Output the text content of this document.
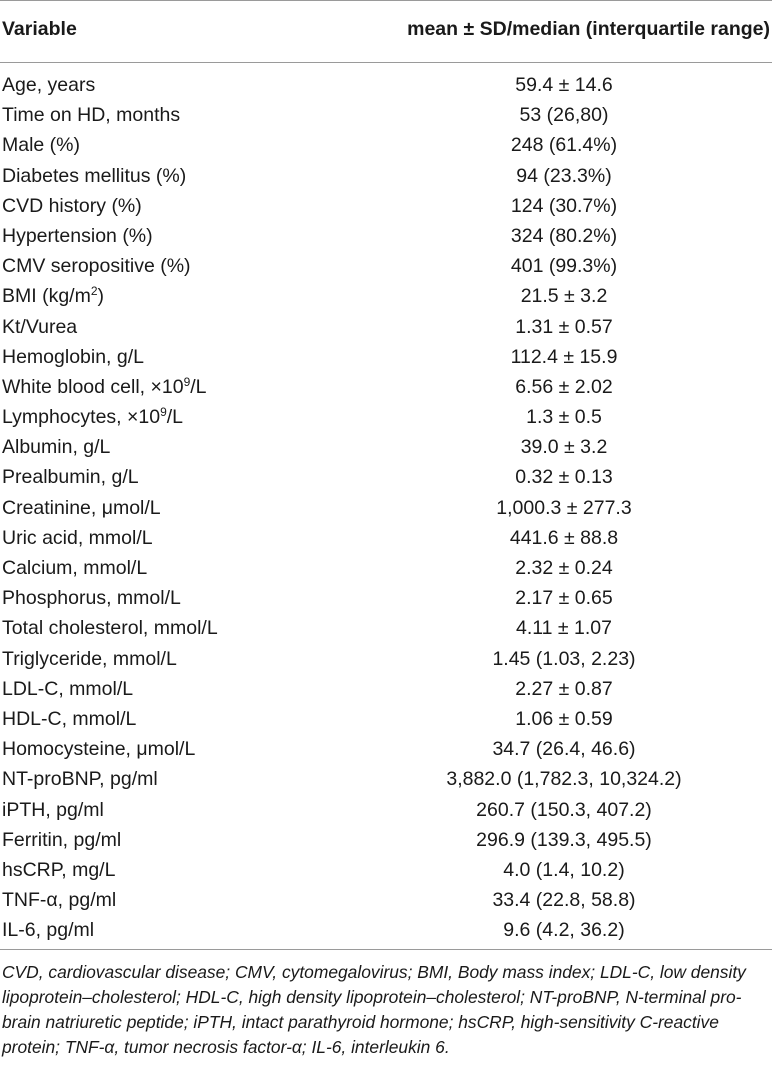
Variable	mean ± SD/median (interquartile range)
Age, years	59.4 ± 14.6
Time on HD, months	53 (26,80)
Male (%)	248 (61.4%)
Diabetes mellitus (%)	94 (23.3%)
CVD history (%)	124 (30.7%)
Hypertension (%)	324 (80.2%)
CMV seropositive (%)	401 (99.3%)
BMI $(kg/m^2)$	21.5 ± 3.2
Kt/Vurea	1.31 ± 0.57
Hemoglobin, g/L	112.4 ± 15.9
White blood cell, $\times 10^9/L$	6.56 ± 2.02
Lymphocytes, $\times 10^9/L$	1.3 ± 0.5
Albumin, g/L	39.0 ± 3.2
Prealbumin, g/L	0.32 ± 0.13
Creatinine, μmol/L	1,000.3 ± 277.3
Uric acid, mmol/L	441.6 ± 88.8
Calcium, mmol/L	2.32 ± 0.24
Phosphorus, mmol/L	2.17 ± 0.65
Total cholesterol, mmol/L	4.11 ± 1.07
Triglyceride, mmol/L	1.45 (1.03, 2.23)
LDL-C, mmol/L	2.27 ± 0.87
HDL-C, mmol/L	1.06 ± 0.59
Homocysteine, μmol/L	34.7 (26.4, 46.6)
NT-proBNP, pg/ml	3,882.0 (1,782.3, 10,324.2)
iPTH, pg/ml	260.7 (150.3, 407.2)
Ferritin, pg/ml	296.9 (139.3, 495.5)
hsCRP, mg/L	4.0 (1.4, 10.2)
TNF-α, pg/ml	33.4 (22.8, 58.8)
IL-6, pg/ml	9.6 (4.2, 36.2)
CVD, cardiovascular disease; CMV, cytomegalovirus; BMI, Body mass index; LDL-C, low density lipoprotein–cholesterol; HDL-C, high density lipoprotein–cholesterol; NT-proBNP, N-terminal pro-brain natriuretic peptide; iPTH, intact parathyroid hormone; hsCRP, high-sensitivity C-reactive protein; TNF-α, tumor necrosis factor-α; IL-6, interleukin 6.
